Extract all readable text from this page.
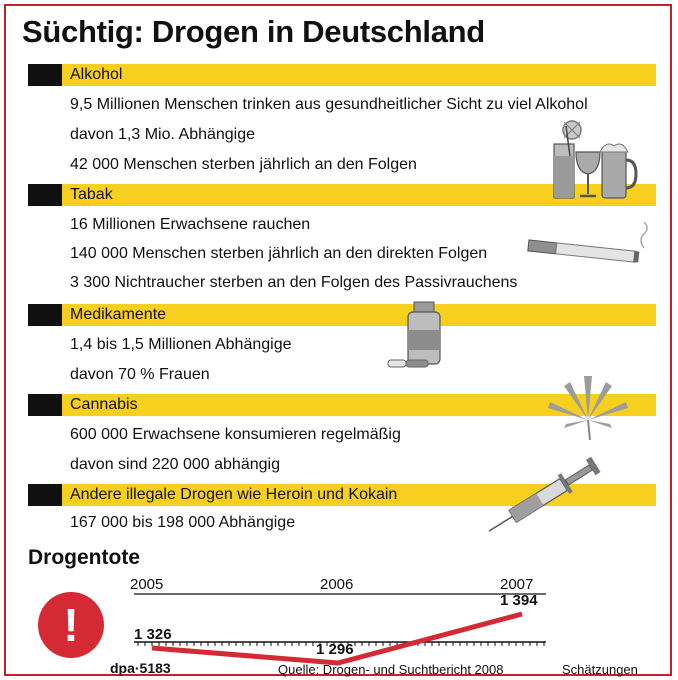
Süchtig: Drogen in Deutschland
Alkohol
9,5 Millionen Menschen trinken aus gesundheitlicher Sicht zu viel Alkohol
davon 1,3 Mio. Abhängige
42 000 Menschen sterben jährlich an den Folgen
Tabak
16 Millionen Erwachsene rauchen
140 000 Menschen sterben jährlich an den direkten Folgen
3 300 Nichtraucher sterben an den Folgen des Passivrauchens
Medikamente
1,4 bis 1,5 Millionen Abhängige
davon 70 % Frauen
Cannabis
600 000 Erwachsene konsumieren regelmäßig
davon sind 220 000 abhängig
Andere illegale Drogen wie Heroin und Kokain
167 000 bis 198 000 Abhängige
Drogentote
!
2005	2006	2007
1 326
1 296
1 394
dpa·5183	Quelle: Drogen- und Suchtbericht 2008	Schätzungen
